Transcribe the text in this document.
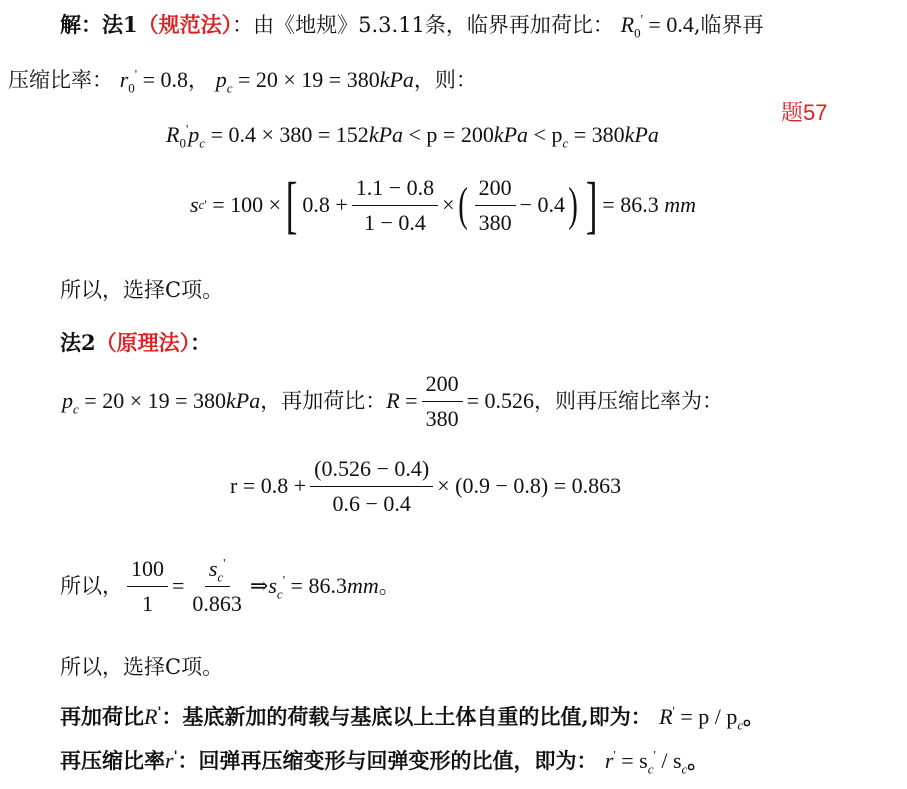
解：法1（规范法）：由《地规》5.3.11条，临界再加荷比： $R_0' = 0.4$,临界再
压缩比率： $r_0' = 0.8$， $p_c = 20 \times 19 = 380kPa$，则：
题57
$R_0'p_c = 0.4 \times 380 = 152kPa < p = 200kPa < p_c = 380kPa$
s c '
= 100 × [ $0.8 + \frac{1.1 - 0.8}{1 - 0.4}$ × ( $\frac{200}{380} - 0.4$ ) ] = 86.3
mm
所以，选择C项。
法2（原理法）：
$p_c = 20 \times 19 = 380kPa$ ，再加荷比： $R = \frac{200}{380} = 0.526$ ，则再压缩比率为：
$r = 0.8 + \frac{(0.526 - 0.4)}{0.6 - 0.4}$ ×
(0.9 − 0.8)
= 0.863
所以， $\frac{100}{1} = \frac{s_c'}{0.863}$ ⇒ $s_c' = 86.3mm$ 。
所以，选择C项。
再加荷比R'：基底新加的荷载与基底以上土体自重的比值,即为： $R' = p / p_c$。
再压缩比率r'：回弹再压缩变形与回弹变形的比值，即为： $r' = s_c' / s_c$。
